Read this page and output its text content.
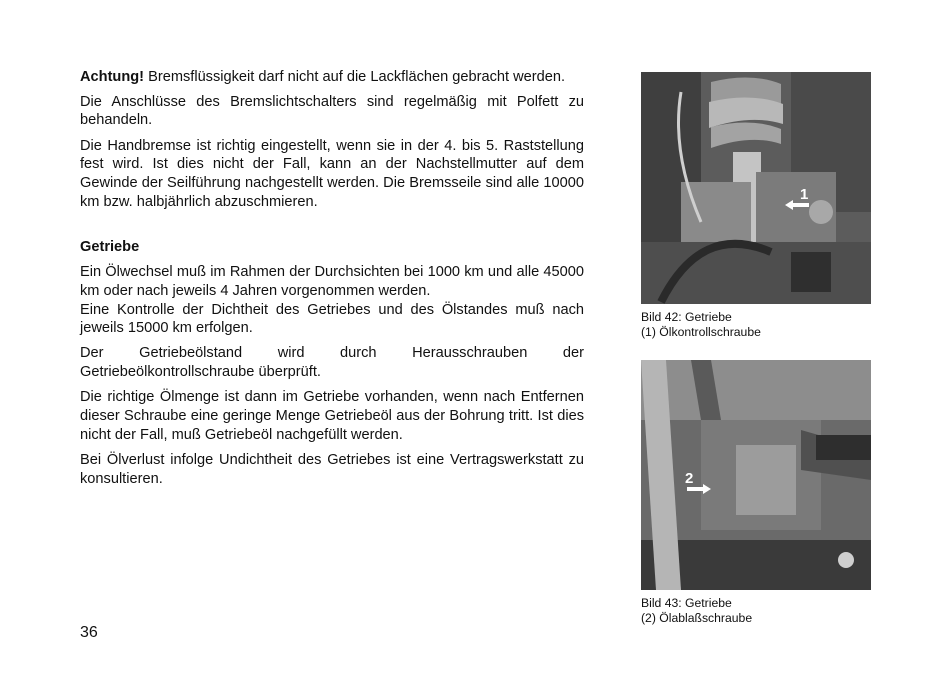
Achtung! Bremsflüssigkeit darf nicht auf die Lackflächen gebracht werden.

Die Anschlüsse des Bremslichtschalters sind regelmäßig mit Polfett zu behandeln.

Die Handbremse ist richtig eingestellt, wenn sie in der 4. bis 5. Raststellung fest wird. Ist dies nicht der Fall, kann an der Nachstellmutter auf dem Gewinde der Seilführung nachgestellt werden. Die Bremsseile sind alle 10000 km bzw. halbjährlich abzuschmieren.

Getriebe

Ein Ölwechsel muß im Rahmen der Durchsichten bei 1000 km und alle 45000 km oder nach jeweils 4 Jahren vorgenommen werden.

Eine Kontrolle der Dichtheit des Getriebes und des Ölstandes muß nach jeweils 15000 km erfolgen.

Der Getriebeölstand wird durch Herausschrauben der Getriebeölkontrollschraube überprüft.

Die richtige Ölmenge ist dann im Getriebe vorhanden, wenn nach Entfernen dieser Schraube eine geringe Menge Getriebeöl aus der Bohrung tritt. Ist dies nicht der Fall, muß Getriebeöl nachgefüllt werden.

Bei Ölverlust infolge Undichtheit des Getriebes ist eine Vertragswerkstatt zu konsultieren.

1
Bild 42: Getriebe
(1) Ölkontrollschraube
2
Bild 43: Getriebe
(2) Ölablaßschraube
36
